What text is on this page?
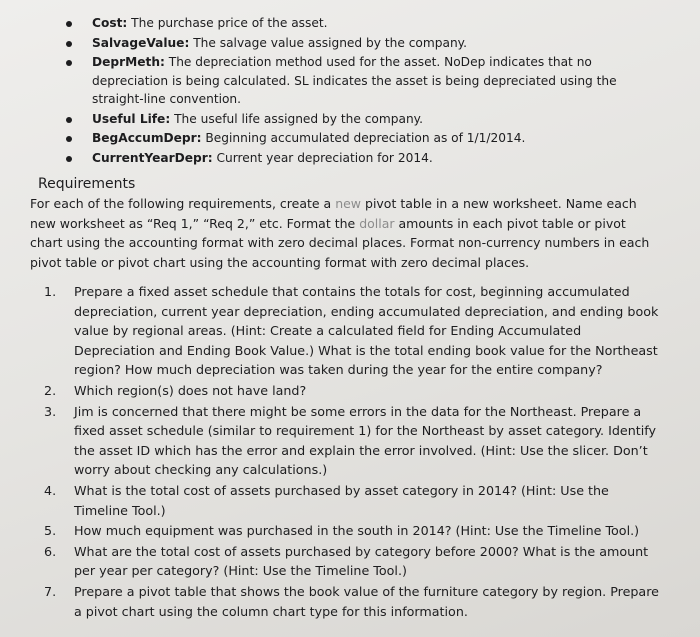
Cost: The purchase price of the asset.
SalvageValue: The salvage value assigned by the company.
DeprMeth: The depreciation method used for the asset. NoDep indicates that no depreciation is being calculated. SL indicates the asset is being depreciated using the straight-line convention.
Useful Life: The useful life assigned by the company.
BegAccumDepr: Beginning accumulated depreciation as of 1/1/2014.
CurrentYearDepr: Current year depreciation for 2014.
Requirements
For each of the following requirements, create a new pivot table in a new worksheet. Name each new worksheet as “Req 1,” “Req 2,” etc. Format the dollar amounts in each pivot table or pivot chart using the accounting format with zero decimal places. Format non-currency numbers in each pivot table or pivot chart using the accounting format with zero decimal places.
1. Prepare a fixed asset schedule that contains the totals for cost, beginning accumulated depreciation, current year depreciation, ending accumulated depreciation, and ending book value by regional areas. (Hint: Create a calculated field for Ending Accumulated Depreciation and Ending Book Value.) What is the total ending book value for the Northeast region? How much depreciation was taken during the year for the entire company?
2. Which region(s) does not have land?
3. Jim is concerned that there might be some errors in the data for the Northeast. Prepare a fixed asset schedule (similar to requirement 1) for the Northeast by asset category. Identify the asset ID which has the error and explain the error involved. (Hint: Use the slicer. Don’t worry about checking any calculations.)
4. What is the total cost of assets purchased by asset category in 2014? (Hint: Use the Timeline Tool.)
5. How much equipment was purchased in the south in 2014? (Hint: Use the Timeline Tool.)
6. What are the total cost of assets purchased by category before 2000? What is the amount per year per category? (Hint: Use the Timeline Tool.)
7. Prepare a pivot table that shows the book value of the furniture category by region. Prepare a pivot chart using the column chart type for this information.
